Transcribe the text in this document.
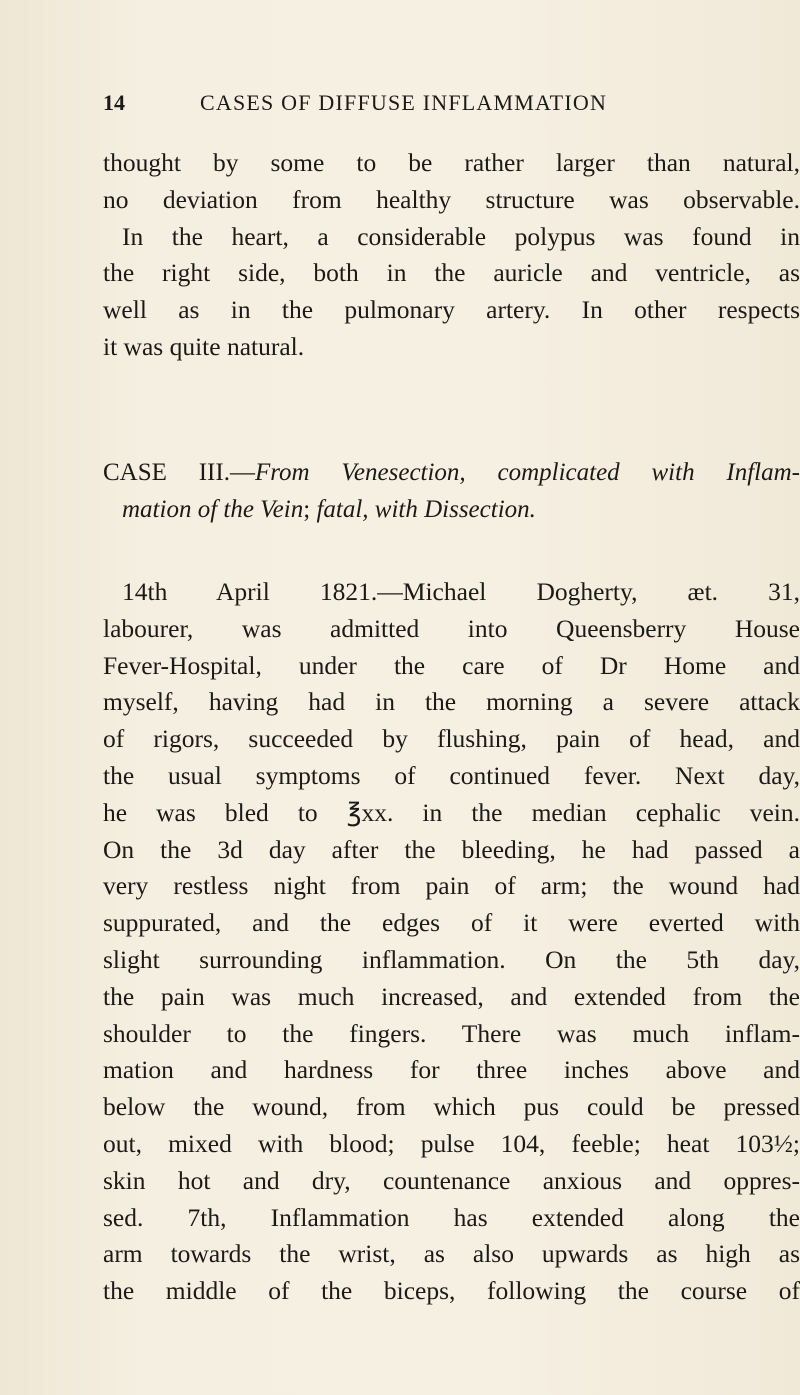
14	CASES OF DIFFUSE INFLAMMATION
thought by some to be rather larger than natural,
no deviation from healthy structure was observable.
In the heart, a considerable polypus was found in
the right side, both in the auricle and ventricle, as
well as in the pulmonary artery. In other respects
it was quite natural.
CASE III.—From Venesection, complicated with Inflam-
mation of the Vein; fatal, with Dissection.
14th April 1821.—Michael Dogherty, æt. 31,
labourer, was admitted into Queensberry House
Fever-Hospital, under the care of Dr Home and
myself, having had in the morning a severe attack
of rigors, succeeded by flushing, pain of head, and
the usual symptoms of continued fever. Next day,
he was bled to ℥xx. in the median cephalic vein.
On the 3d day after the bleeding, he had passed a
very restless night from pain of arm; the wound had
suppurated, and the edges of it were everted with
slight surrounding inflammation. On the 5th day,
the pain was much increased, and extended from the
shoulder to the fingers. There was much inflam-
mation and hardness for three inches above and
below the wound, from which pus could be pressed
out, mixed with blood; pulse 104, feeble; heat 103½;
skin hot and dry, countenance anxious and oppres-
sed. 7th, Inflammation has extended along the
arm towards the wrist, as also upwards as high as
the middle of the biceps, following the course of
